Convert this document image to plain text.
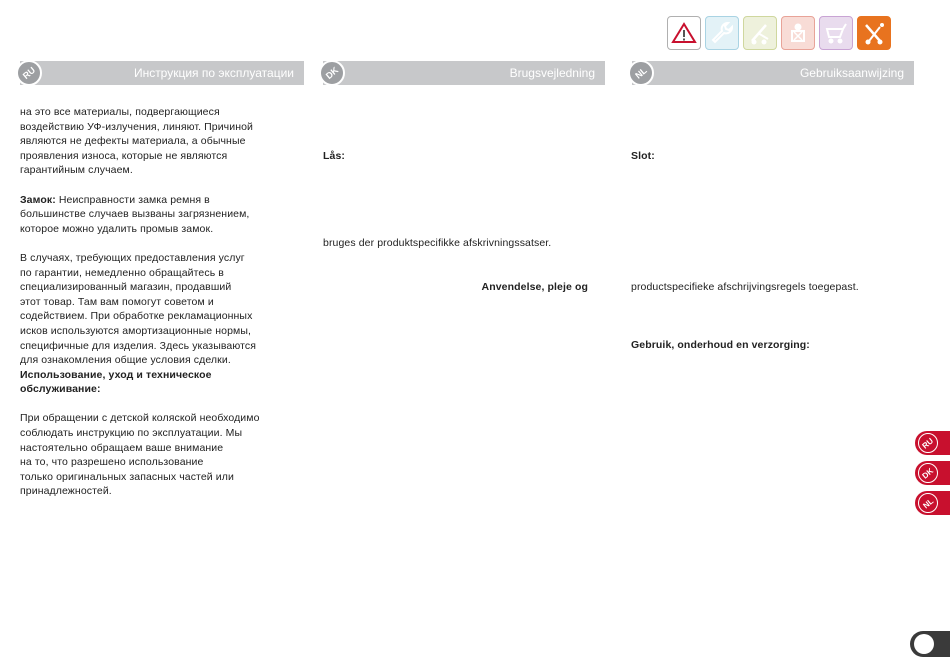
RU	Инструкция по эксплуатации	DK	Brugsvejledning	NL	Gebruiksaanwijzing

на это все материалы, подвергающиеся
воздействию УФ-излучения, линяют. Причиной
являются не дефекты материала, а обычные
проявления износа, которые не являются
гарантийным случаем.

Замок: Неисправности замка ремня в
большинстве случаев вызваны загрязнением,
которое можно удалить промыв замок.

В случаях, требующих предоставления услуг
по гарантии, немедленно обращайтесь в
специализированный магазин, продавший
этот товар. Там вам помогут советом и
содействием. При обработке рекламационных
исков используются амортизационные нормы,
специфичные для изделия. Здесь указываются
для ознакомления общие условия сделки.

Использование, уход и техническое
обслуживание:

При обращении с детской коляской необходимо
соблюдать инструкцию по эксплуатации. Мы
настоятельно обращаем ваше внимание
на то, что разрешено использование
только оригинальных запасных частей или
принадлежностей.

Lås:

bruges der produktspecifikke afskrivningssatser.

Anvendelse, pleje og

Slot:

productspecifieke afschrijvingsregels toegepast.

Gebruik, onderhoud en verzorging:

RU
DK
NL
